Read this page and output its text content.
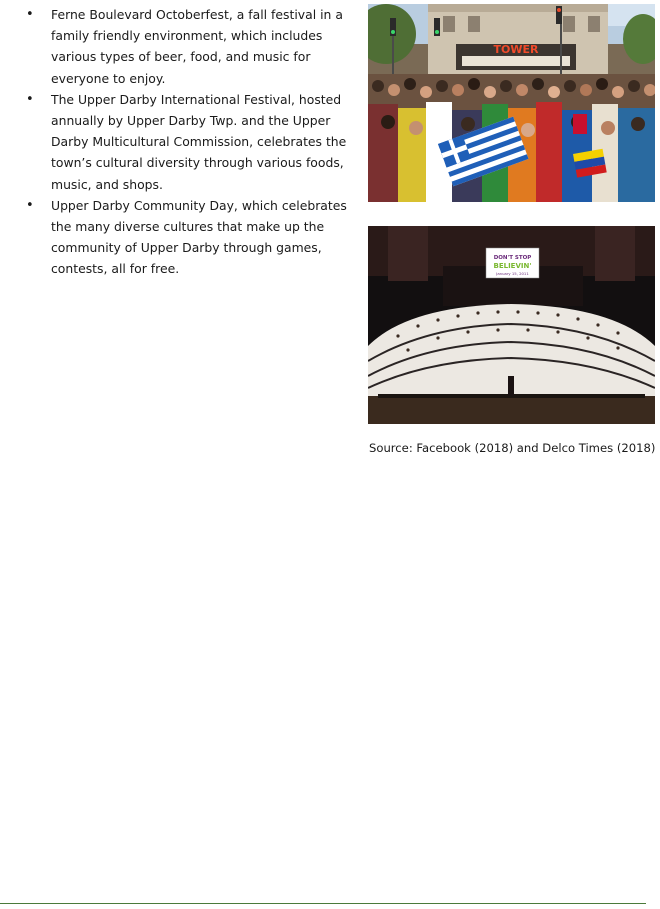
• Ferne Boulevard Octoberfest, a fall festival in a family friendly environment, which includes various types of beer, food, and music for everyone to enjoy.
• The Upper Darby International Festival, hosted annually by Upper Darby Twp. and the Upper Darby Multicultural Commission, celebrates the town’s cultural diversity through various foods, music, and shops.
• Upper Darby Community Day, which celebrates the many diverse cultures that make up the community of Upper Darby through games, contests, all for free.
TOWER
DON'T STOP
BELIEVIN'
January 15, 2011
Source: Facebook (2018) and Delco Times (2018)
